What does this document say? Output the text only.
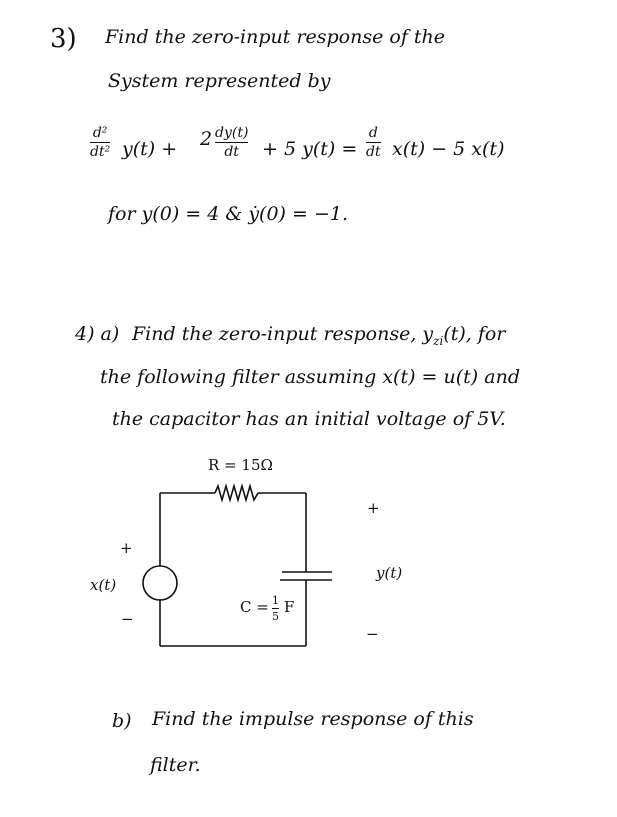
3) Find the zero-input response of the
System represented by
d²
dt² y(t) + 2 dy(t)
dt + 5 y(t) =
d
dt x(t) − 5 x(t)
for y(0) = 4 & ẏ(0) = −1.
4) a) Find the zero-input response, $y_{zi}(t)$, for
the following filter assuming x(t) = u(t) and
the capacitor has an initial voltage of 5V.
R = 15Ω
C = 1
5
F
+
x(t)
−
+
y(t)
−
b) Find the impulse response of this
filter.
